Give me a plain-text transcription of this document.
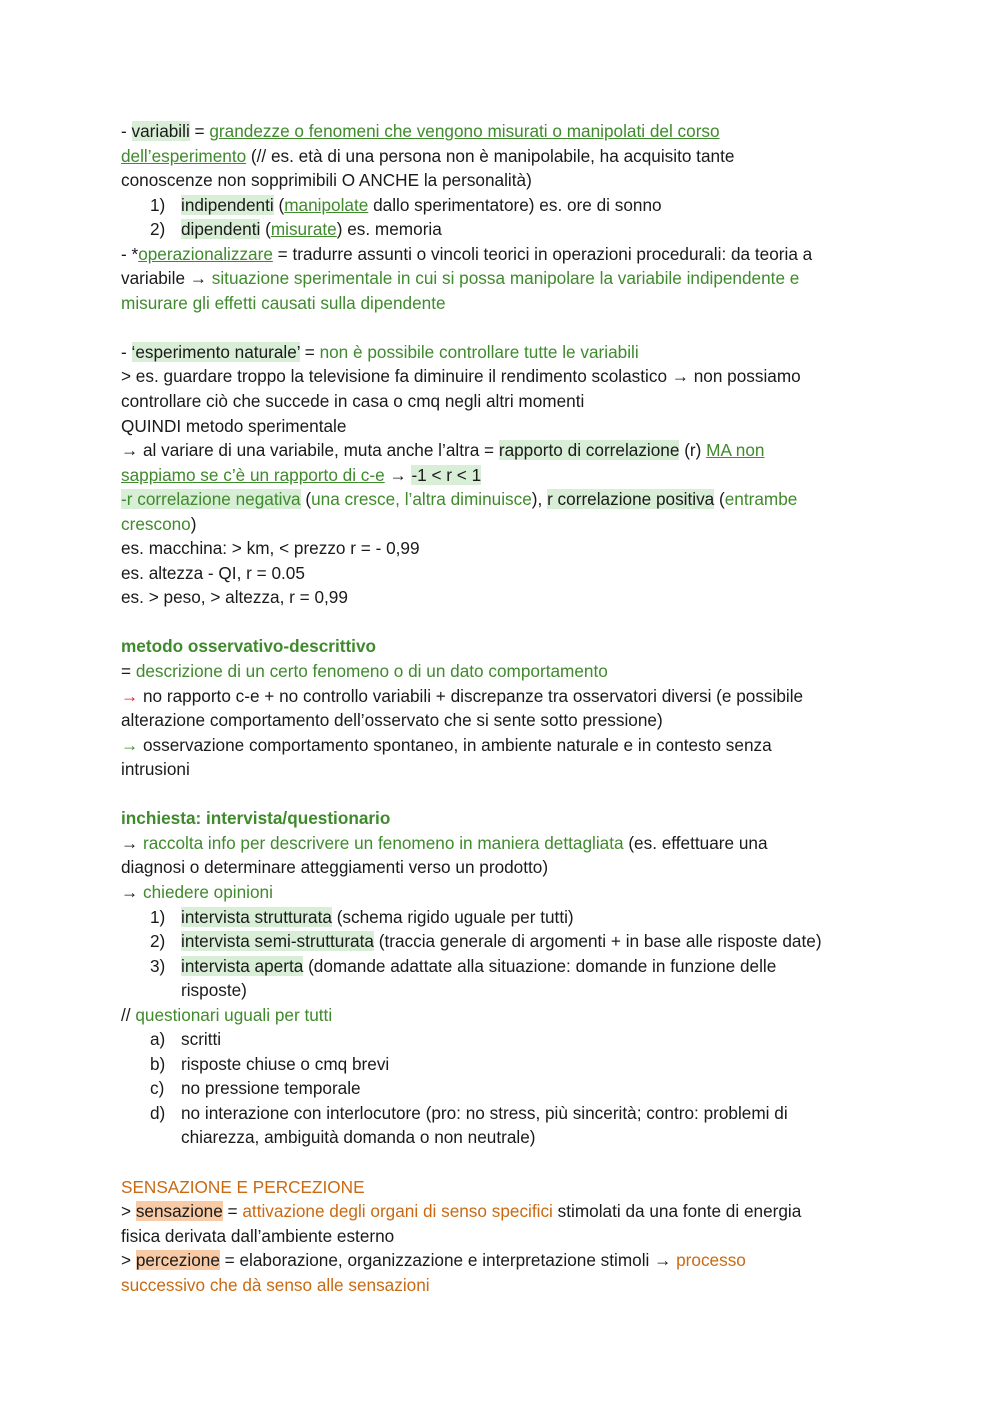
- variabili = grandezze o fenomeni che vengono misurati o manipolati del corso
dell’esperimento (// es. età di una persona non è manipolabile, ha acquisito tante
conoscenze non sopprimibili O ANCHE la personalità)
1) indipendenti (manipolate dallo sperimentatore) es. ore di sonno
2) dipendenti (misurate) es. memoria
- *operazionalizzare = tradurre assunti o vincoli teorici in operazioni procedurali: da teoria a
variabile → situazione sperimentale in cui si possa manipolare la variabile indipendente e
misurare gli effetti causati sulla dipendente
- ‘esperimento naturale’ = non è possibile controllare tutte le variabili
> es. guardare troppo la televisione fa diminuire il rendimento scolastico → non possiamo
controllare ciò che succede in casa o cmq negli altri momenti
QUINDI metodo sperimentale
→ al variare di una variabile, muta anche l’altra = rapporto di correlazione (r) MA non
sappiamo se c’è un rapporto di c-e → -1 < r < 1
-r correlazione negativa (una cresce, l’altra diminuisce), r correlazione positiva (entrambe
crescono)
es. macchina: > km, < prezzo r = - 0,99
es. altezza - QI, r = 0.05
es. > peso, > altezza, r = 0,99
metodo osservativo-descrittivo
= descrizione di un certo fenomeno o di un dato comportamento
→ no rapporto c-e + no controllo variabili + discrepanze tra osservatori diversi (e possibile
alterazione comportamento dell’osservato che si sente sotto pressione)
→ osservazione comportamento spontaneo, in ambiente naturale e in contesto senza
intrusioni
inchiesta: intervista/questionario
→ raccolta info per descrivere un fenomeno in maniera dettagliata (es. effettuare una
diagnosi o determinare atteggiamenti verso un prodotto)
→ chiedere opinioni
1) intervista strutturata (schema rigido uguale per tutti)
2) intervista semi-strutturata (traccia generale di argomenti + in base alle risposte date)
3) intervista aperta (domande adattate alla situazione: domande in funzione delle
risposte)
// questionari uguali per tutti
a) scritti
b) risposte chiuse o cmq brevi
c) no pressione temporale
d) no interazione con interlocutore (pro: no stress, più sincerità; contro: problemi di
chiarezza, ambiguità domanda o non neutrale)
SENSAZIONE E PERCEZIONE
> sensazione = attivazione degli organi di senso specifici stimolati da una fonte di energia
fisica derivata dall’ambiente esterno
> percezione = elaborazione, organizzazione e interpretazione stimoli → processo
successivo che dà senso alle sensazioni
